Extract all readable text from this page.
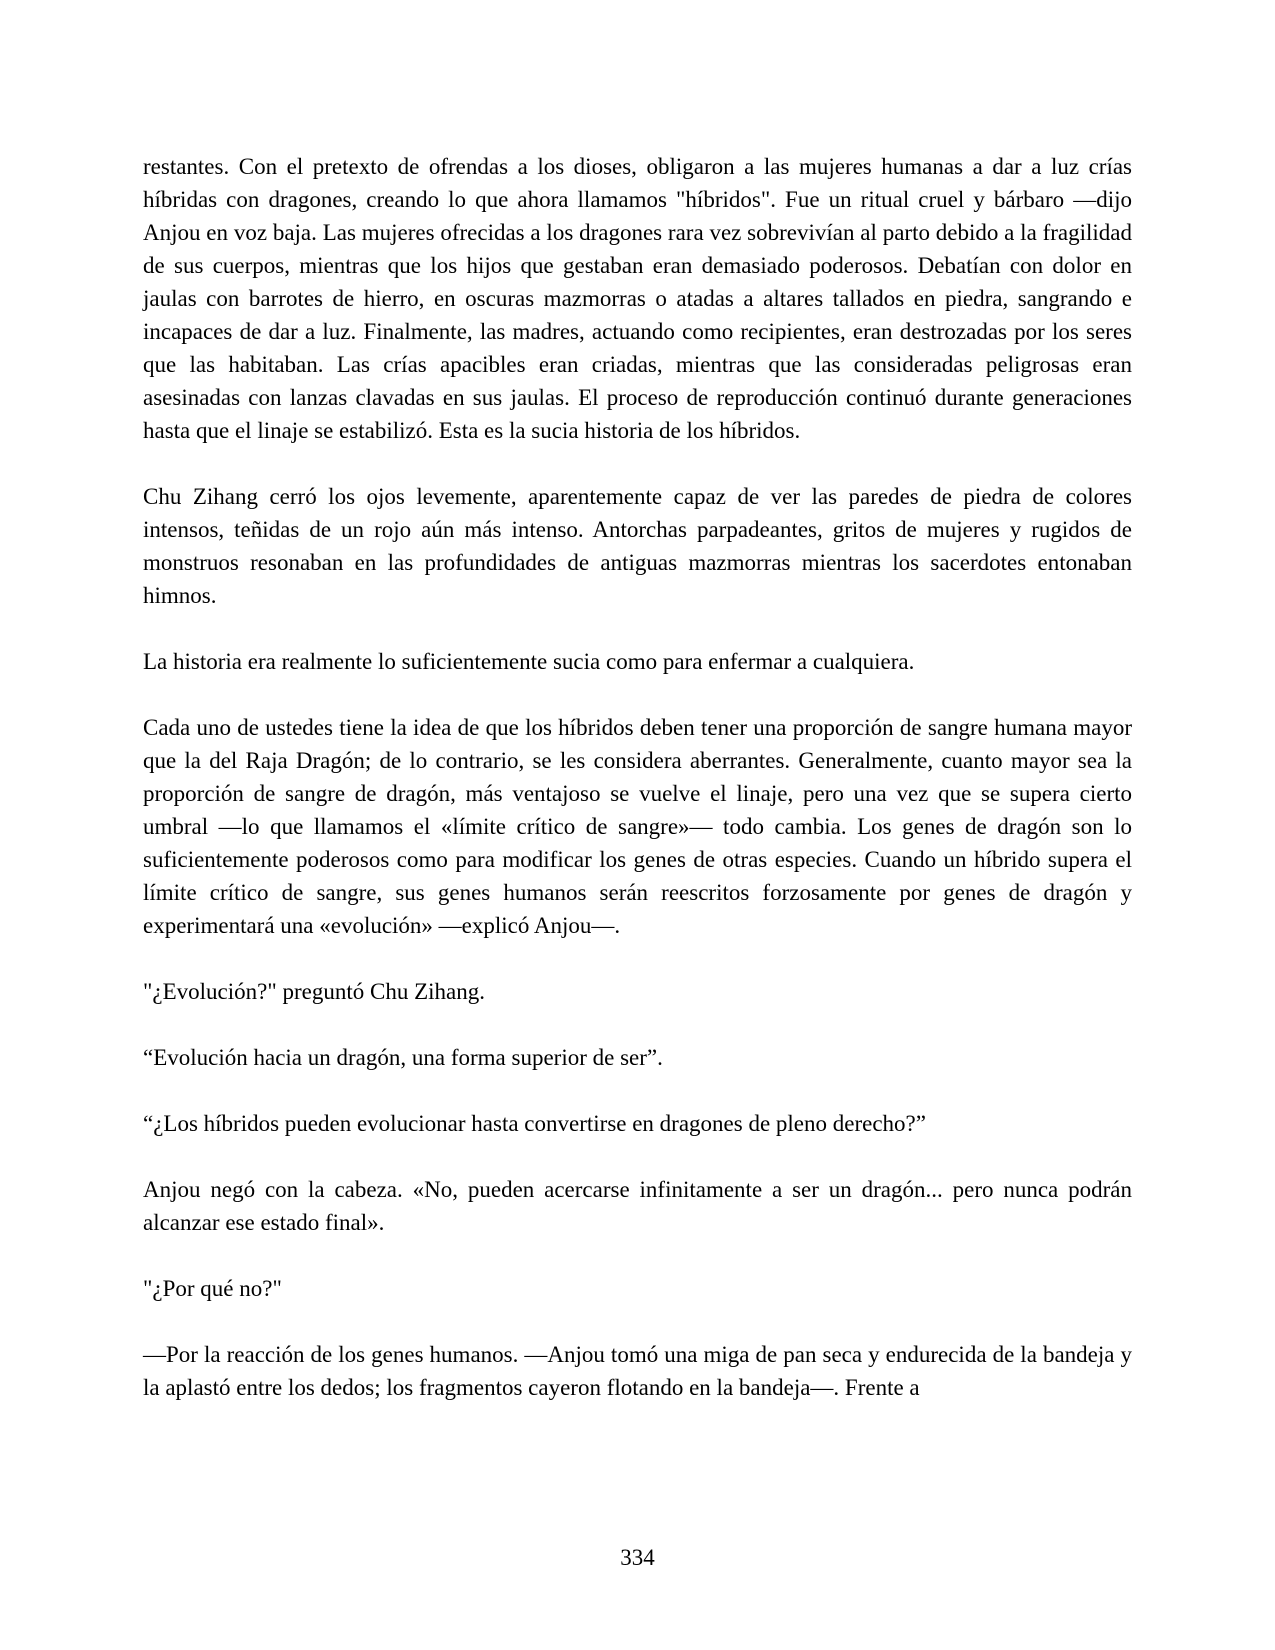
restantes. Con el pretexto de ofrendas a los dioses, obligaron a las mujeres humanas a dar a luz crías híbridas con dragones, creando lo que ahora llamamos "híbridos". Fue un ritual cruel y bárbaro —dijo Anjou en voz baja. Las mujeres ofrecidas a los dragones rara vez sobrevivían al parto debido a la fragilidad de sus cuerpos, mientras que los hijos que gestaban eran demasiado poderosos. Debatían con dolor en jaulas con barrotes de hierro, en oscuras mazmorras o atadas a altares tallados en piedra, sangrando e incapaces de dar a luz. Finalmente, las madres, actuando como recipientes, eran destrozadas por los seres que las habitaban. Las crías apacibles eran criadas, mientras que las consideradas peligrosas eran asesinadas con lanzas clavadas en sus jaulas. El proceso de reproducción continuó durante generaciones hasta que el linaje se estabilizó. Esta es la sucia historia de los híbridos.

Chu Zihang cerró los ojos levemente, aparentemente capaz de ver las paredes de piedra de colores intensos, teñidas de un rojo aún más intenso. Antorchas parpadeantes, gritos de mujeres y rugidos de monstruos resonaban en las profundidades de antiguas mazmorras mientras los sacerdotes entonaban himnos.

La historia era realmente lo suficientemente sucia como para enfermar a cualquiera.

Cada uno de ustedes tiene la idea de que los híbridos deben tener una proporción de sangre humana mayor que la del Raja Dragón; de lo contrario, se les considera aberrantes. Generalmente, cuanto mayor sea la proporción de sangre de dragón, más ventajoso se vuelve el linaje, pero una vez que se supera cierto umbral —lo que llamamos el «límite crítico de sangre»— todo cambia. Los genes de dragón son lo suficientemente poderosos como para modificar los genes de otras especies. Cuando un híbrido supera el límite crítico de sangre, sus genes humanos serán reescritos forzosamente por genes de dragón y experimentará una «evolución» —explicó Anjou—.

"¿Evolución?" preguntó Chu Zihang.

“Evolución hacia un dragón, una forma superior de ser”.

“¿Los híbridos pueden evolucionar hasta convertirse en dragones de pleno derecho?”

Anjou negó con la cabeza. «No, pueden acercarse infinitamente a ser un dragón... pero nunca podrán alcanzar ese estado final».

"¿Por qué no?"

—Por la reacción de los genes humanos. —Anjou tomó una miga de pan seca y endurecida de la bandeja y la aplastó entre los dedos; los fragmentos cayeron flotando en la bandeja—. Frente a

334
